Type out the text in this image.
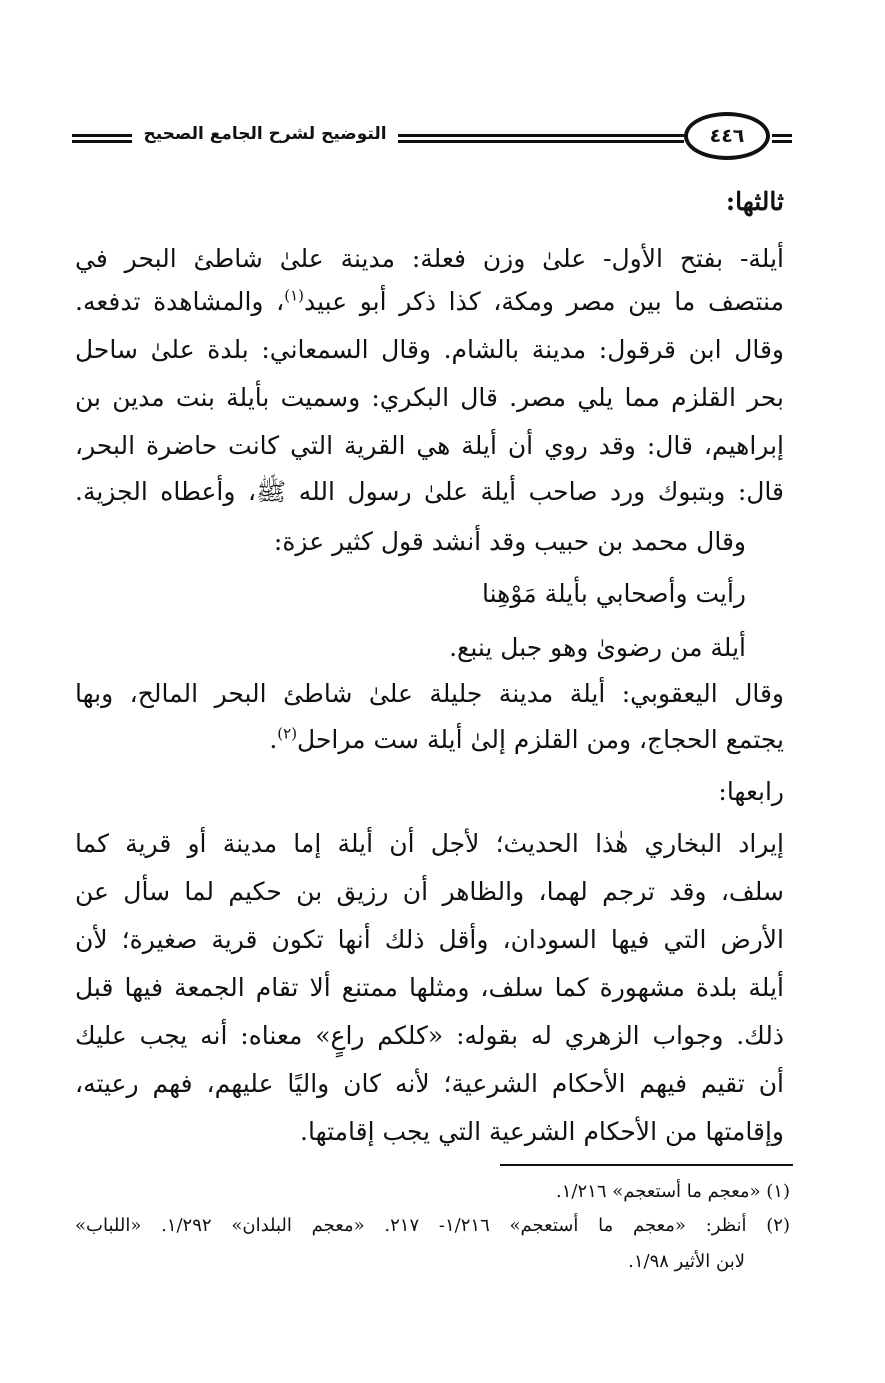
التوضيح لشرح الجامع الصحيح	٤٤٦
ثالثها:
أيلة- بفتح الأول- علىٰ وزن فعلة: مدينة علىٰ شاطئ البحر في
منتصف ما بين مصر ومكة، كذا ذكر أبو عبيد$^{(١)}$، والمشاهدة تدفعه.
وقال ابن قرقول: مدينة بالشام. وقال السمعاني: بلدة علىٰ ساحل
بحر القلزم مما يلي مصر. قال البكري: وسميت بأيلة بنت مدين بن
إبراهيم، قال: وقد روي أن أيلة هي القرية التي كانت حاضرة البحر،
قال: وبتبوك ورد صاحب أيلة علىٰ رسول الله ﷺ، وأعطاه الجزية.
وقال محمد بن حبيب وقد أنشد قول كثير عزة:
رأيت وأصحابي بأيلة مَوْهِنا
أيلة من رضوىٰ وهو جبل ينبع.
وقال اليعقوبي: أيلة مدينة جليلة علىٰ شاطئ البحر المالح، وبها
يجتمع الحجاج، ومن القلزم إلىٰ أيلة ست مراحل$^{(٢)}$.
رابعها:
إيراد البخاري هٰذا الحديث؛ لأجل أن أيلة إما مدينة أو قرية كما
سلف، وقد ترجم لهما، والظاهر أن رزيق بن حكيم لما سأل عن
الأرض التي فيها السودان، وأقل ذلك أنها تكون قرية صغيرة؛ لأن
أيلة بلدة مشهورة كما سلف، ومثلها ممتنع ألا تقام الجمعة فيها قبل
ذلك. وجواب الزهري له بقوله: «كلكم راعٍ» معناه: أنه يجب عليك
أن تقيم فيهم الأحكام الشرعية؛ لأنه كان واليًا عليهم، فهم رعيته،
وإقامتها من الأحكام الشرعية التي يجب إقامتها.
(١) «معجم ما أستعجم» ١/٢١٦.
(٢) أنظر: «معجم ما أستعجم» ١/٢١٦- ٢١٧. «معجم البلدان» ١/٢٩٢. «اللباب»
لابن الأثير ١/٩٨.
